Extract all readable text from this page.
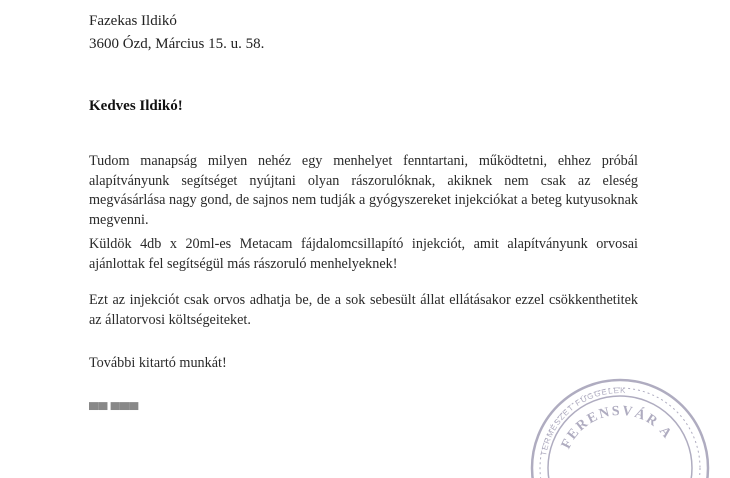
Fazekas Ildikó
3600 Ózd, Március 15. u. 58.
Kedves Ildikó!
Tudom manapság milyen nehéz egy menhelyet fenntartani, működtetni, ehhez próbál alapítványunk segítséget nyújtani olyan rászorulóknak, akiknek nem csak az eleség megvásárlása nagy gond, de sajnos nem tudják a gyógyszereket injekciókat a beteg kutyusoknak megvenni.
Küldök 4db x 20ml-es Metacam fájdalomcsillapító injekciót, amit alapítványunk orvosai ajánlottak fel segítségül más rászoruló menhelyeknek!
Ezt az injekciót csak orvos adhatja be, de a sok sebesült állat ellátásakor ezzel csökkenthetitek az állatorvosi költségeiteket.
További kitartó munkát!
▀▀ ▀▀▀
TERMÉSZET FÜGGELEK
FERENSVÁR A
